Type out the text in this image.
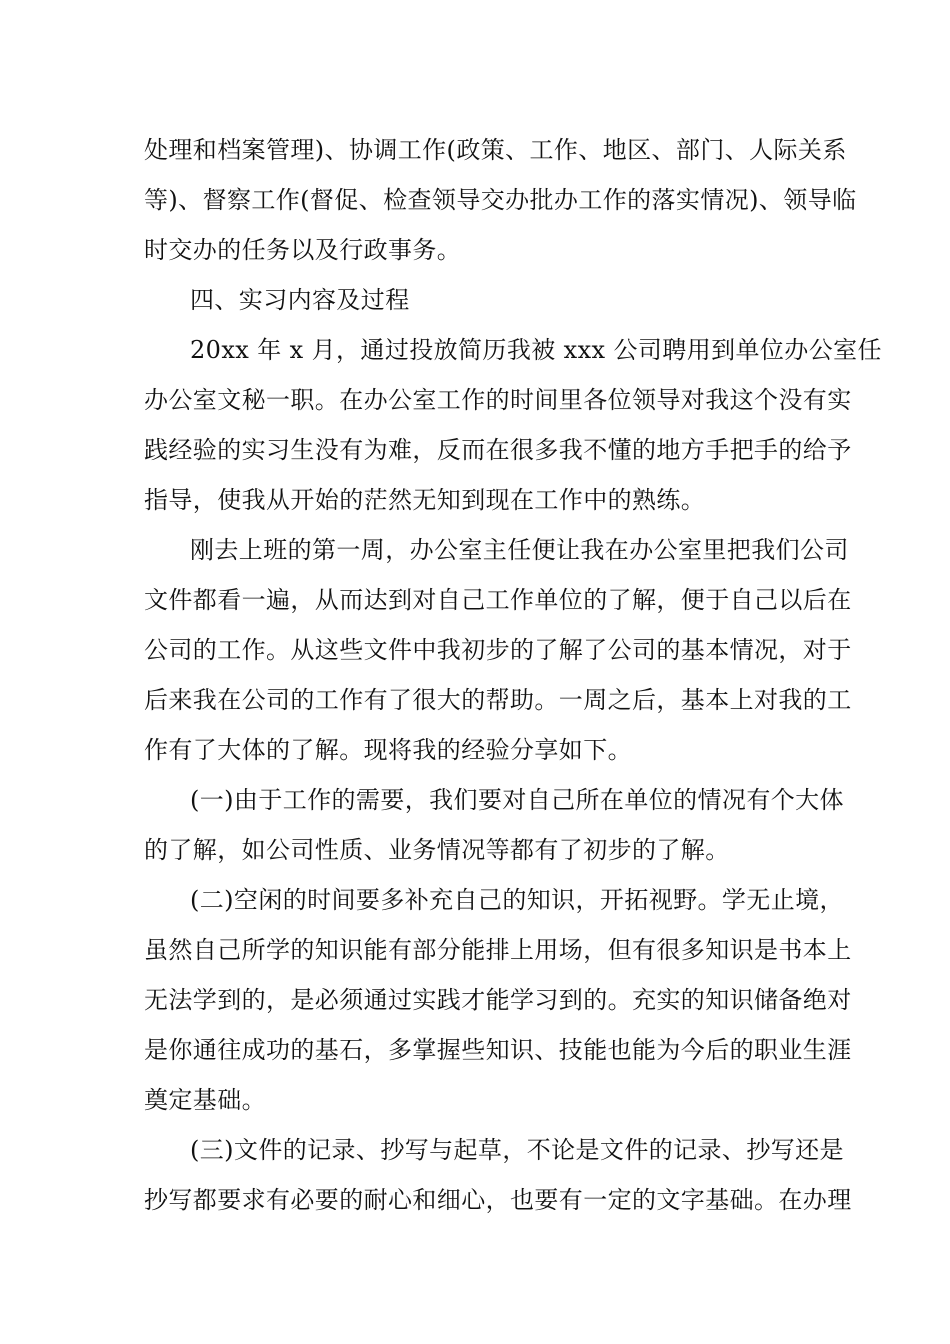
处理和档案管理)、协调工作(政策、工作、地区、部门、人际关系
等)、督察工作(督促、检查领导交办批办工作的落实情况)、领导临
时交办的任务以及行政事务。
四、实习内容及过程
20xx 年 x 月，通过投放简历我被 xxx 公司聘用到单位办公室任
办公室文秘一职。在办公室工作的时间里各位领导对我这个没有实
践经验的实习生没有为难，反而在很多我不懂的地方手把手的给予
指导，使我从开始的茫然无知到现在工作中的熟练。
刚去上班的第一周，办公室主任便让我在办公室里把我们公司
文件都看一遍，从而达到对自己工作单位的了解，便于自己以后在
公司的工作。从这些文件中我初步的了解了公司的基本情况，对于
后来我在公司的工作有了很大的帮助。一周之后，基本上对我的工
作有了大体的了解。现将我的经验分享如下。
(一)由于工作的需要，我们要对自己所在单位的情况有个大体
的了解，如公司性质、业务情况等都有了初步的了解。
(二)空闲的时间要多补充自己的知识，开拓视野。学无止境，
虽然自己所学的知识能有部分能排上用场，但有很多知识是书本上
无法学到的，是必须通过实践才能学习到的。充实的知识储备绝对
是你通往成功的基石，多掌握些知识、技能也能为今后的职业生涯
奠定基础。
(三)文件的记录、抄写与起草，不论是文件的记录、抄写还是
抄写都要求有必要的耐心和细心，也要有一定的文字基础。在办理
